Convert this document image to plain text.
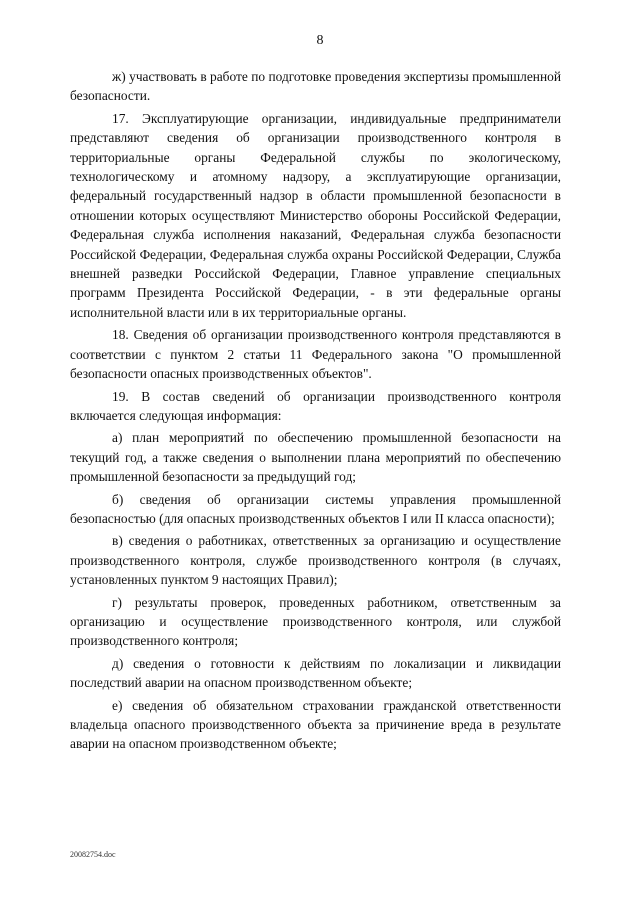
8

ж) участвовать в работе по подготовке проведения экспертизы промышленной безопасности.

17. Эксплуатирующие организации, индивидуальные предприниматели представляют сведения об организации производственного контроля в территориальные органы Федеральной службы по экологическому, технологическому и атомному надзору, а эксплуатирующие организации, федеральный государственный надзор в области промышленной безопасности в отношении которых осуществляют Министерство обороны Российской Федерации, Федеральная служба исполнения наказаний, Федеральная служба безопасности Российской Федерации, Федеральная служба охраны Российской Федерации, Служба внешней разведки Российской Федерации, Главное управление специальных программ Президента Российской Федерации, - в эти федеральные органы исполнительной власти или в их территориальные органы.

18. Сведения об организации производственного контроля представляются в соответствии с пунктом 2 статьи 11 Федерального закона "О промышленной безопасности опасных производственных объектов".

19. В состав сведений об организации производственного контроля включается следующая информация:

а) план мероприятий по обеспечению промышленной безопасности на текущий год, а также сведения о выполнении плана мероприятий по обеспечению промышленной безопасности за предыдущий год;

б) сведения об организации системы управления промышленной безопасностью (для опасных производственных объектов I или II класса опасности);

в) сведения о работниках, ответственных за организацию и осуществление производственного контроля, службе производственного контроля (в случаях, установленных пунктом 9 настоящих Правил);

г) результаты проверок, проведенных работником, ответственным за организацию и осуществление производственного контроля, или службой производственного контроля;

д) сведения о готовности к действиям по локализации и ликвидации последствий аварии на опасном производственном объекте;

е) сведения об обязательном страховании гражданской ответственности владельца опасного производственного объекта за причинение вреда в результате аварии на опасном производственном объекте;

20082754.doc
